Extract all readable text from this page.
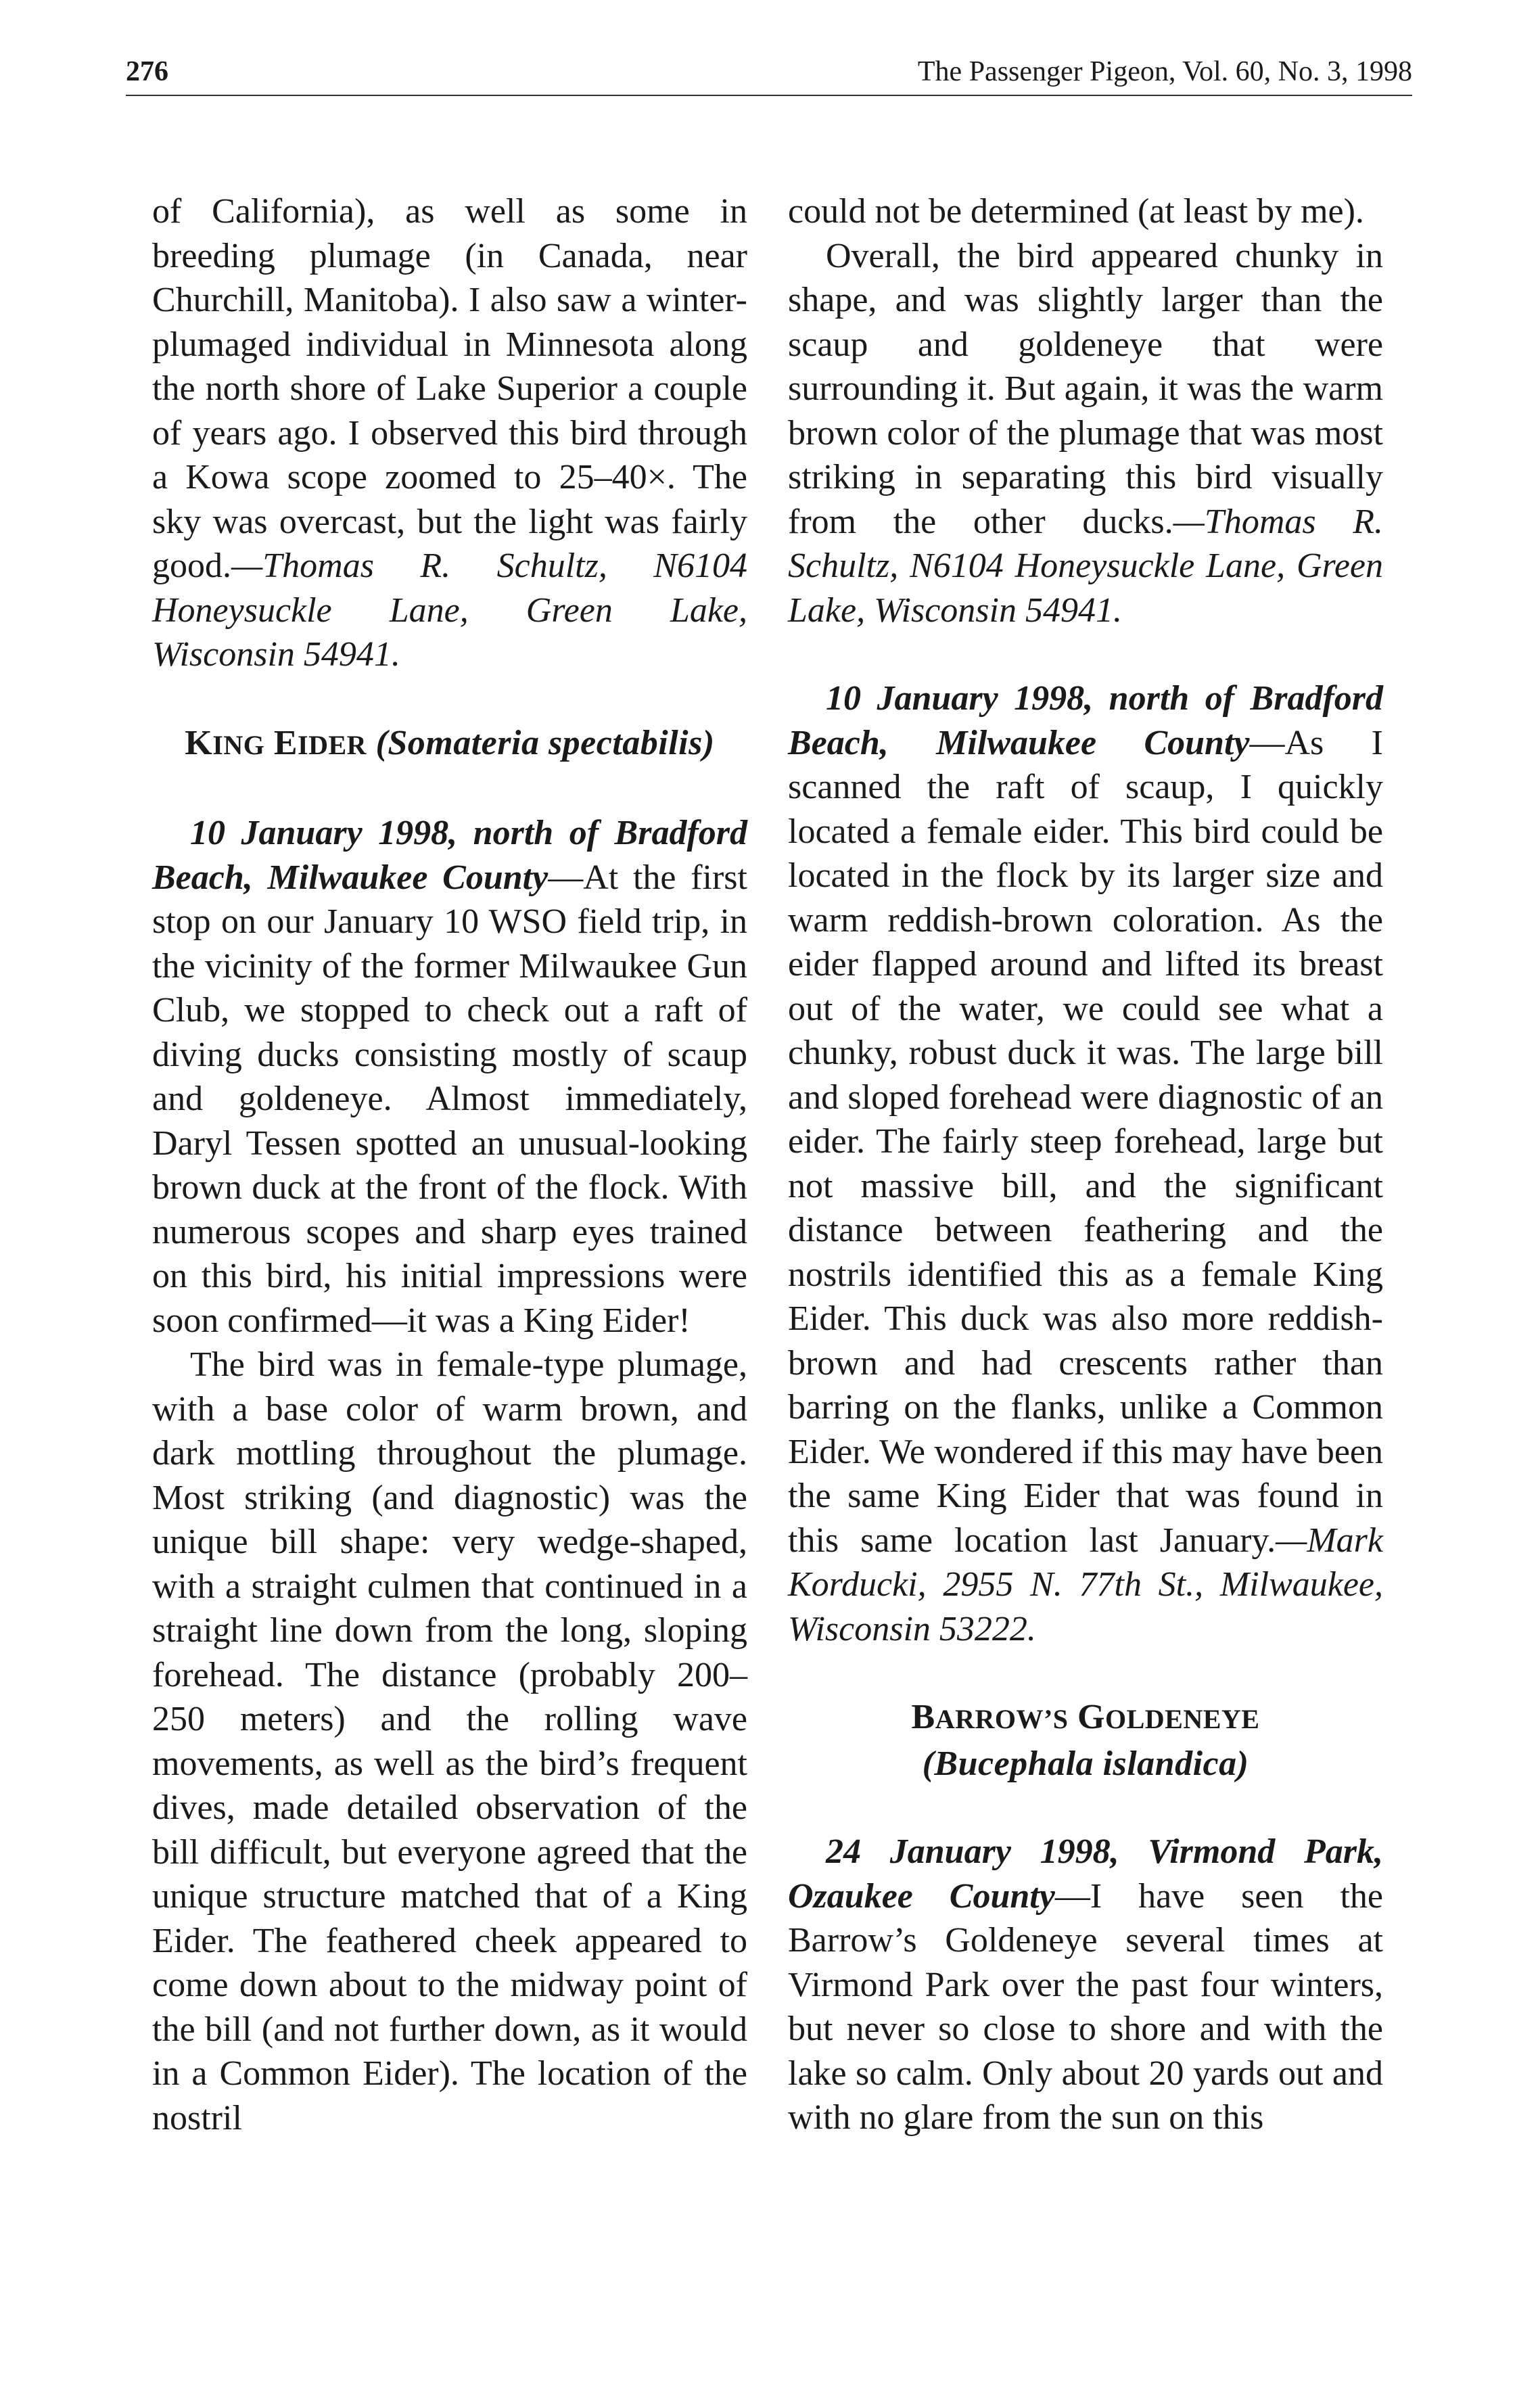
276	The Passenger Pigeon, Vol. 60, No. 3, 1998

of California), as well as some in breeding plumage (in Canada, near Churchill, Manitoba). I also saw a winter-plumaged individual in Minnesota along the north shore of Lake Superior a couple of years ago. I observed this bird through a Kowa scope zoomed to 25–40×. The sky was overcast, but the light was fairly good.—Thomas R. Schultz, N6104 Honeysuckle Lane, Green Lake, Wisconsin 54941.

KING EIDER (Somateria spectabilis)

10 January 1998, north of Bradford Beach, Milwaukee County—At the first stop on our January 10 WSO field trip, in the vicinity of the former Milwaukee Gun Club, we stopped to check out a raft of diving ducks consisting mostly of scaup and goldeneye. Almost immediately, Daryl Tessen spotted an unusual-looking brown duck at the front of the flock. With numerous scopes and sharp eyes trained on this bird, his initial impressions were soon confirmed—it was a King Eider!

The bird was in female-type plumage, with a base color of warm brown, and dark mottling throughout the plumage. Most striking (and diagnostic) was the unique bill shape: very wedge-shaped, with a straight culmen that continued in a straight line down from the long, sloping forehead. The distance (probably 200–250 meters) and the rolling wave movements, as well as the bird’s frequent dives, made detailed observation of the bill difficult, but everyone agreed that the unique structure matched that of a King Eider. The feathered cheek appeared to come down about to the midway point of the bill (and not further down, as it would in a Common Eider). The location of the nostril

could not be determined (at least by me).

Overall, the bird appeared chunky in shape, and was slightly larger than the scaup and goldeneye that were surrounding it. But again, it was the warm brown color of the plumage that was most striking in separating this bird visually from the other ducks.—Thomas R. Schultz, N6104 Honeysuckle Lane, Green Lake, Wisconsin 54941.

10 January 1998, north of Bradford Beach, Milwaukee County—As I scanned the raft of scaup, I quickly located a female eider. This bird could be located in the flock by its larger size and warm reddish-brown coloration. As the eider flapped around and lifted its breast out of the water, we could see what a chunky, robust duck it was. The large bill and sloped forehead were diagnostic of an eider. The fairly steep forehead, large but not massive bill, and the significant distance between feathering and the nostrils identified this as a female King Eider. This duck was also more reddish-brown and had crescents rather than barring on the flanks, unlike a Common Eider. We wondered if this may have been the same King Eider that was found in this same location last January.—Mark Korducki, 2955 N. 77th St., Milwaukee, Wisconsin 53222.

BARROW’S GOLDENEYE

(Bucephala islandica)

24 January 1998, Virmond Park, Ozaukee County—I have seen the Barrow’s Goldeneye several times at Virmond Park over the past four winters, but never so close to shore and with the lake so calm. Only about 20 yards out and with no glare from the sun on this
